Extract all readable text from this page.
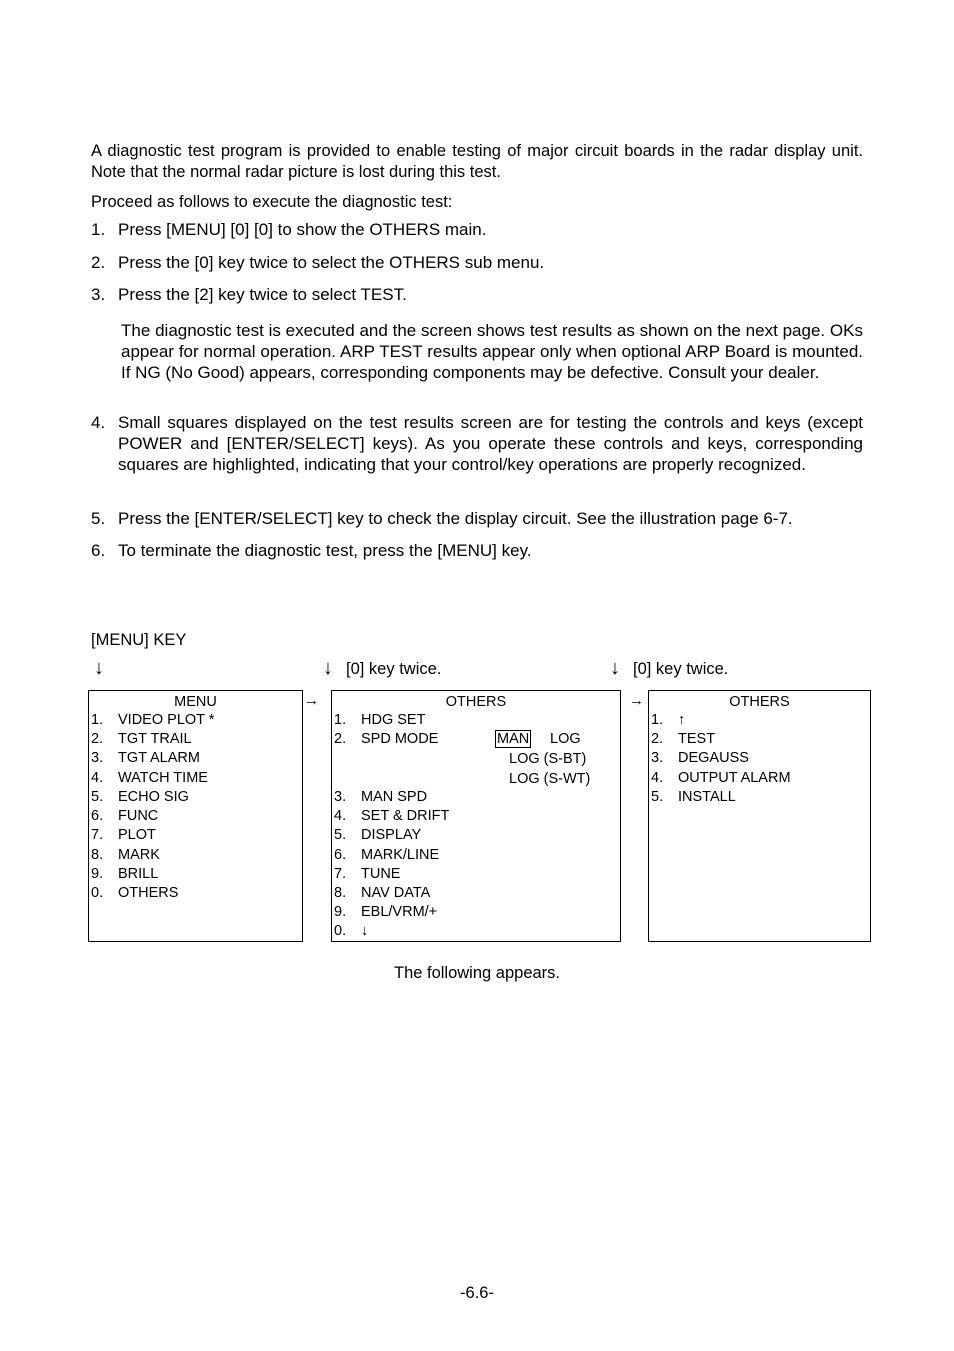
A diagnostic test program is provided to enable testing of major circuit boards in the radar display unit. Note that the normal radar picture is lost during this test.

Proceed as follows to execute the diagnostic test:

1. Press [MENU] [0] [0] to show the OTHERS main.
2. Press the [0] key twice to select the OTHERS sub menu.
3. Press the [2] key twice to select TEST.
The diagnostic test is executed and the screen shows test results as shown on the next page. OKs appear for normal operation. ARP TEST results appear only when optional ARP Board is mounted. If NG (No Good) appears, corresponding components may be defective. Consult your dealer.
4. Small squares displayed on the test results screen are for testing the controls and keys (except POWER and [ENTER/SELECT] keys). As you operate these controls and keys, corresponding squares are highlighted, indicating that your control/key operations are properly recognized.
5. Press the [ENTER/SELECT] key to check the display circuit. See the illustration page 6-7.
6. To terminate the diagnostic test, press the [MENU] key.
[MENU] KEY
↓	↓ [0] key twice.	↓ [0] key twice.
→	→
MENU
1. VIDEO PLOT *
2. TGT TRAIL
3. TGT ALARM
4. WATCH TIME
5. ECHO SIG
6. FUNC
7. PLOT
8. MARK
9. BRILL
0. OTHERS
OTHERS
1. HDG SET
2. SPD MODE	MAN LOG
LOG (S-BT)
LOG (S-WT)
3. MAN SPD
4. SET & DRIFT
5. DISPLAY
6. MARK/LINE
7. TUNE
8. NAV DATA
9. EBL/VRM/+
0. ↓
OTHERS
1. ↑
2. TEST
3. DEGAUSS
4. OUTPUT ALARM
5. INSTALL
The following appears.
-6.6-
